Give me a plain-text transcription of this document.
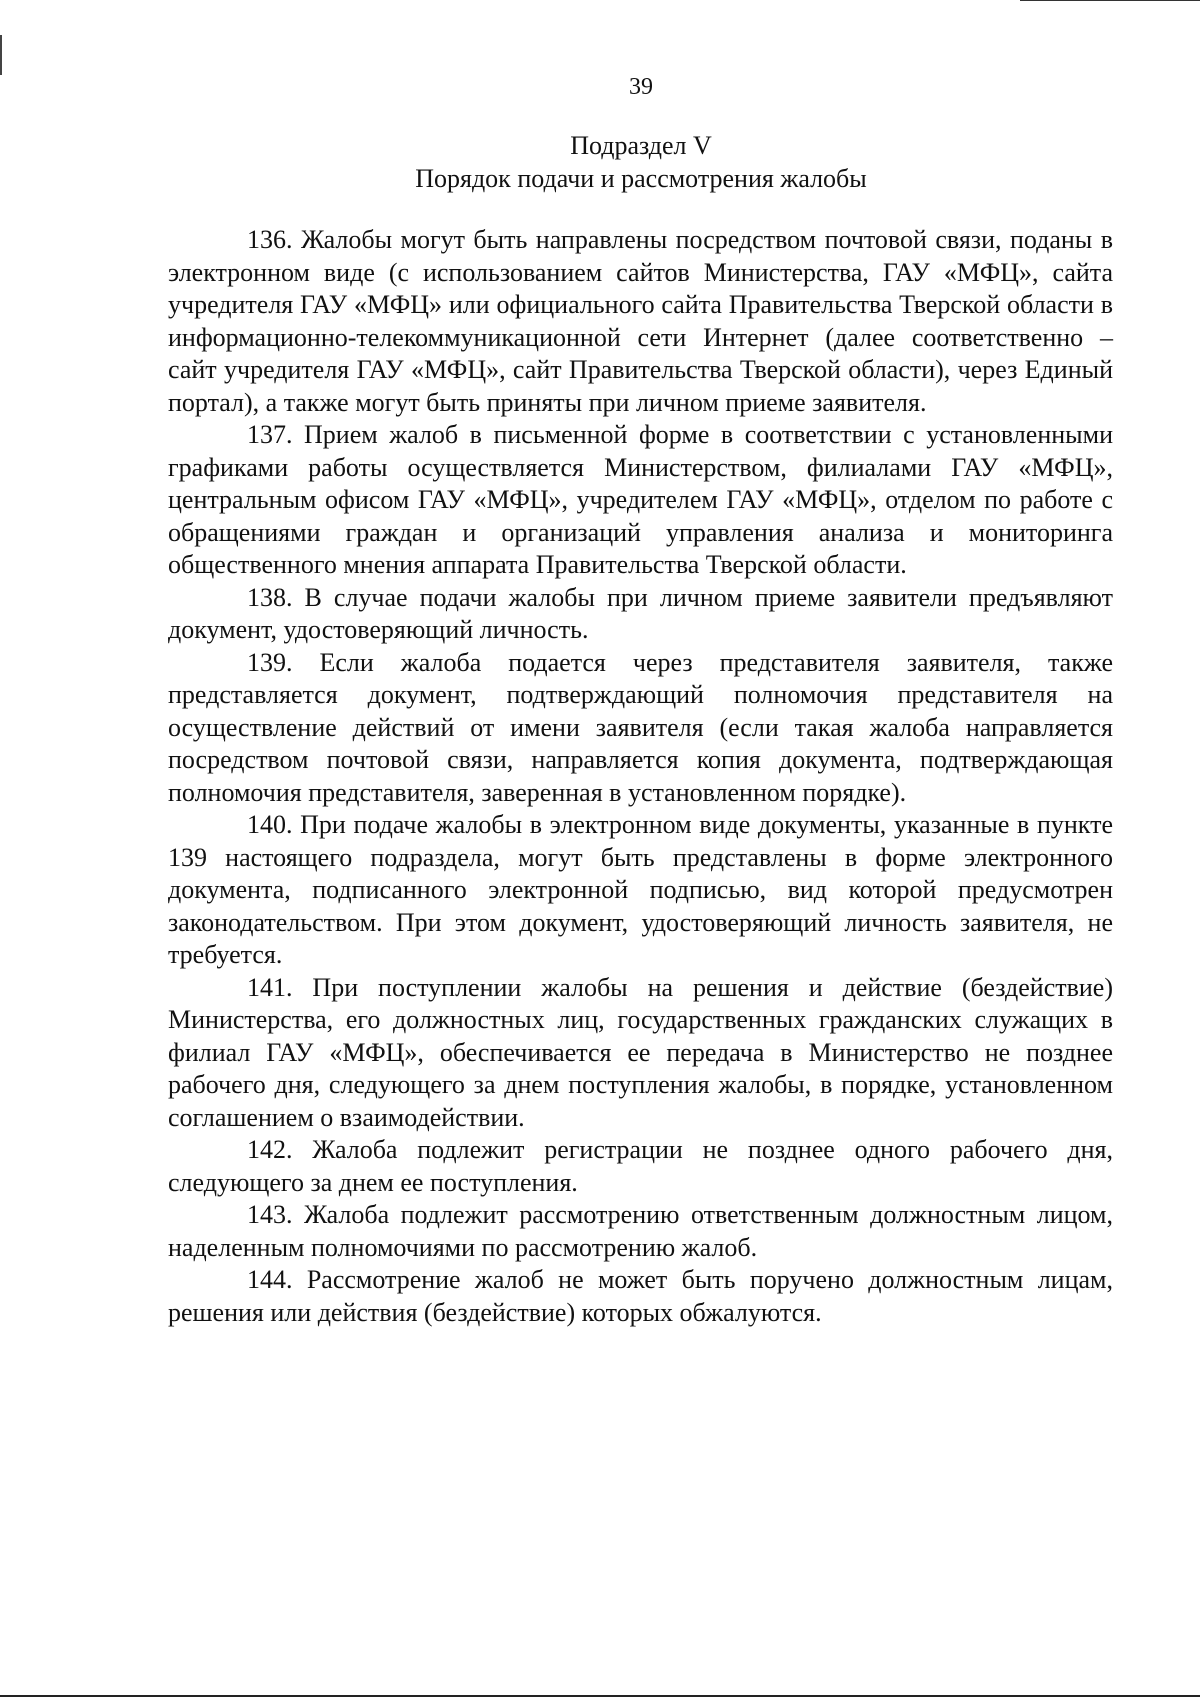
39
Подраздел V
Порядок подачи и рассмотрения жалобы

136. Жалобы могут быть направлены посредством почтовой связи, поданы в электронном виде (с использованием сайтов Министерства, ГАУ «МФЦ», сайта учредителя ГАУ «МФЦ» или официального сайта Правительства Тверской области в информационно-телекоммуникационной сети Интернет (далее соответственно – сайт учредителя ГАУ «МФЦ», сайт Правительства Тверской области), через Единый портал), а также могут быть приняты при личном приеме заявителя.

137. Прием жалоб в письменной форме в соответствии с установленными графиками работы осуществляется Министерством, филиалами ГАУ «МФЦ», центральным офисом ГАУ «МФЦ», учредителем ГАУ «МФЦ», отделом по работе с обращениями граждан и организаций управления анализа и мониторинга общественного мнения аппарата Правительства Тверской области.

138. В случае подачи жалобы при личном приеме заявители предъявляют документ, удостоверяющий личность.

139. Если жалоба подается через представителя заявителя, также представляется документ, подтверждающий полномочия представителя на осуществление действий от имени заявителя (если такая жалоба направляется посредством почтовой связи, направляется копия документа, подтверждающая полномочия представителя, заверенная в установленном порядке).

140. При подаче жалобы в электронном виде документы, указанные в пункте 139 настоящего подраздела, могут быть представлены в форме электронного документа, подписанного электронной подписью, вид которой предусмотрен законодательством. При этом документ, удостоверяющий личность заявителя, не требуется.

141. При поступлении жалобы на решения и действие (бездействие) Министерства, его должностных лиц, государственных гражданских служащих в филиал ГАУ «МФЦ», обеспечивается ее передача в Министерство не позднее рабочего дня, следующего за днем поступления жалобы, в порядке, установленном соглашением о взаимодействии.

142. Жалоба подлежит регистрации не позднее одного рабочего дня, следующего за днем ее поступления.

143. Жалоба подлежит рассмотрению ответственным должностным лицом, наделенным полномочиями по рассмотрению жалоб.

144. Рассмотрение жалоб не может быть поручено должностным лицам, решения или действия (бездействие) которых обжалуются.
